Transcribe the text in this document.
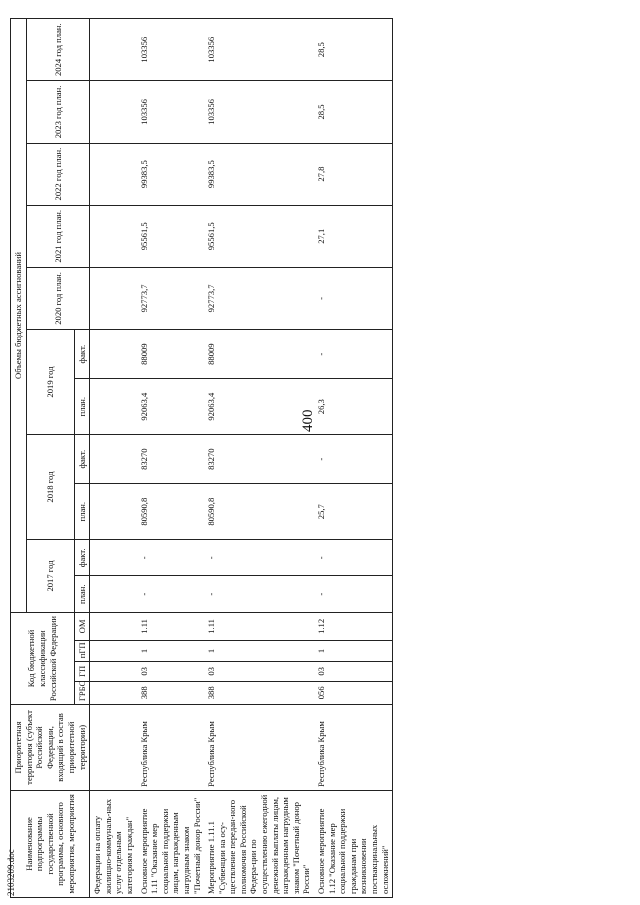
400
2103209.doc
Наименование подпрограммы государственной программы, основного мероприятия, мероприятия	Приоритетная территория (субъект Российской Федерации, входящий в состав приоритетной территории)	Код бюджетной классификации Российской Федерации				Объемы бюджетных ассигнований										
						2017 год		2018 год		2019 год		2020 год план.	2021 год план.	2022 год план.	2023 год план.	2024 год план.
		ГРБС	ГП	пГП	ОМ	план.	факт.	план.	факт.	план.	факт.					
Федерации на оплату жилищно-коммуналь-ных услуг отдельным категориям граждан"																
Основное мероприятие 1.11 "Оказание мер социальной поддержки лицам, награжденным нагрудным знаком "Почетный донор России"	Республика Крым	388	03	1	1.11	-	-	80590,8	83270	92063,4	88009	92773,7	95561,5	99383,5	103356	103356
Мероприятие 1.11.1 "Субвенции на осу-ществление передан-ного полномочия Российской Федера-ции по осуществлению ежегодной денежной выплаты лицам, награжденным нагрудным знаком "Почетный донор России"	Республика Крым	388	03	1	1.11	-	-	80590,8	83270	92063,4	88009	92773,7	95561,5	99383,5	103356	103356
Основное мероприятие 1.12 "Оказание мер социальной поддержки гражданам при возникновении поствакцинальных осложнений"	Республика Крым	056	03	1	1.12	-	-	25,7	-	26,3	-	-	27,1	27,8	28,5	28,5
